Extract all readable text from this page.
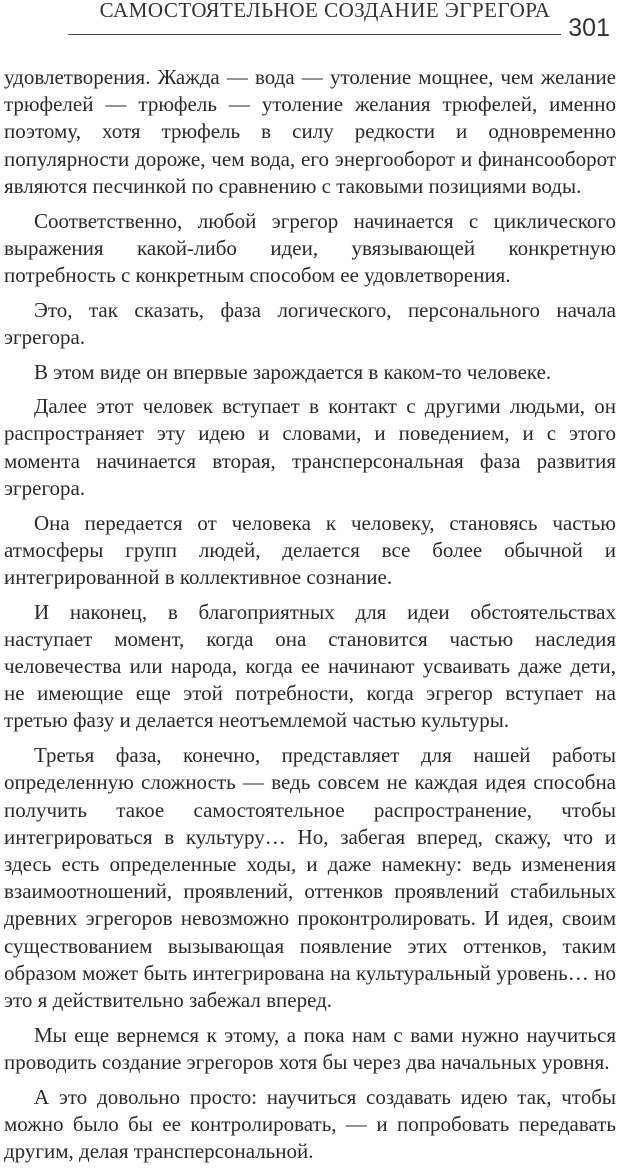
САМОСТОЯТЕЛЬНОЕ СОЗДАНИЕ ЭГРЕГОРА
301

удовлетворения. Жажда — вода — утоление мощнее, чем желание трюфелей — трюфель — утоление желания трюфелей, именно поэтому, хотя трюфель в силу редкости и одновременно популярности дороже, чем вода, его энергооборот и финансооборот являются песчинкой по сравнению с таковыми позициями воды.

Соответственно, любой эгрегор начинается с циклического выражения какой-либо идеи, увязывающей конкретную потребность с конкретным способом ее удовлетворения.

Это, так сказать, фаза логического, персонального начала эгрегора.

В этом виде он впервые зарождается в каком-то человеке.

Далее этот человек вступает в контакт с другими людьми, он распространяет эту идею и словами, и поведением, и с этого момента начинается вторая, трансперсональная фаза развития эгрегора.

Она передается от человека к человеку, становясь частью атмосферы групп людей, делается все более обычной и интегрированной в коллективное сознание.

И наконец, в благоприятных для идеи обстоятельствах наступает момент, когда она становится частью наследия человечества или народа, когда ее начинают усваивать даже дети, не имеющие еще этой потребности, когда эгрегор вступает на третью фазу и делается неотъемлемой частью культуры.

Третья фаза, конечно, представляет для нашей работы определенную сложность — ведь совсем не каждая идея способна получить такое самостоятельное распространение, чтобы интегрироваться в культуру… Но, забегая вперед, скажу, что и здесь есть определенные ходы, и даже намекну: ведь изменения взаимоотношений, проявлений, оттенков проявлений стабильных древних эгрегоров невозможно проконтролировать. И идея, своим существованием вызывающая появление этих оттенков, таким образом может быть интегрирована на культуральный уровень… но это я действительно забежал вперед.

Мы еще вернемся к этому, а пока нам с вами нужно научиться проводить создание эгрегоров хотя бы через два начальных уровня.

А это довольно просто: научиться создавать идею так, чтобы можно было бы ее контролировать, — и попробовать передавать другим, делая трансперсональной.
